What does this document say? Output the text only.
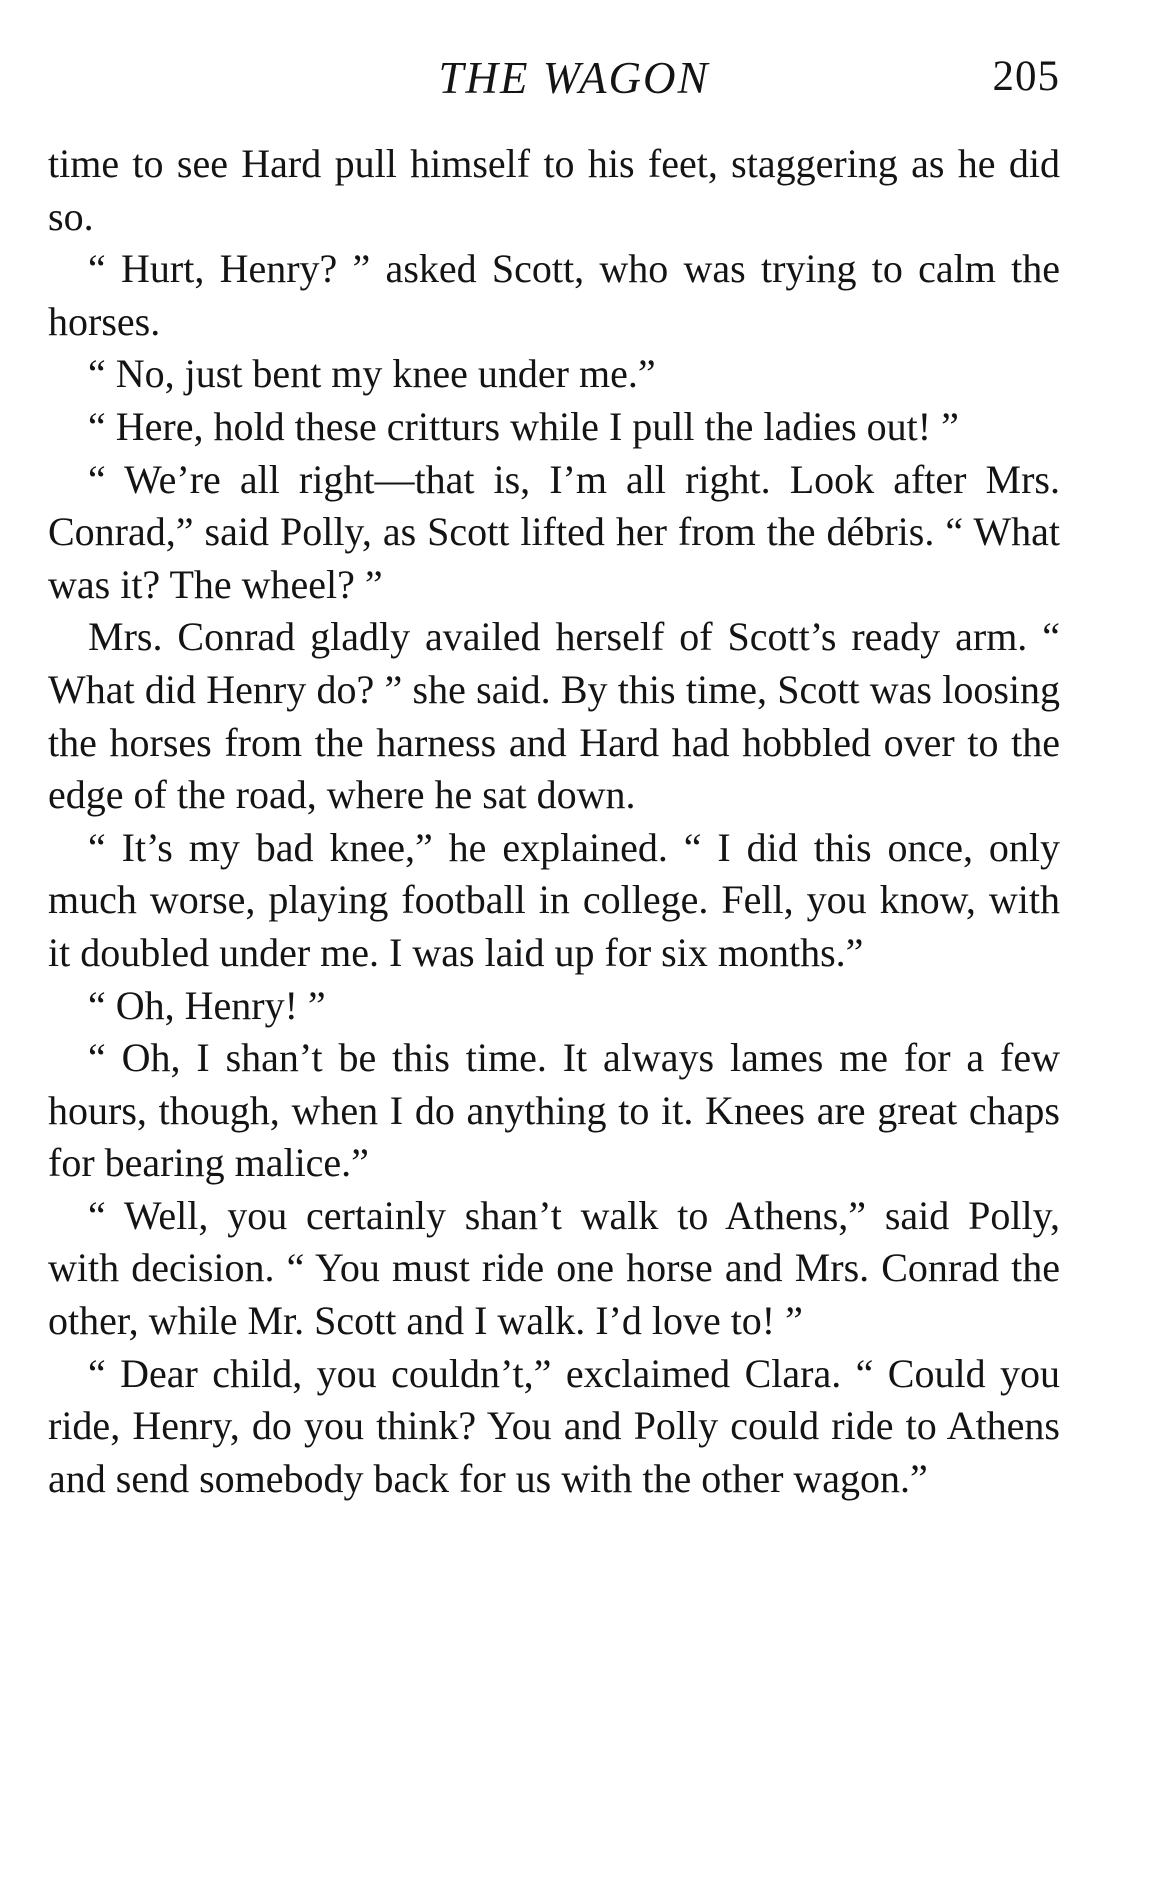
THE WAGON	205

time to see Hard pull himself to his feet, staggering as he did so.

“ Hurt, Henry? ” asked Scott, who was trying to calm the horses.

“ No, just bent my knee under me.”

“ Here, hold these critturs while I pull the ladies out! ”

“ We’re all right—that is, I’m all right. Look after Mrs. Conrad,” said Polly, as Scott lifted her from the débris. “ What was it? The wheel? ”

Mrs. Conrad gladly availed herself of Scott’s ready arm. “ What did Henry do? ” she said. By this time, Scott was loosing the horses from the harness and Hard had hobbled over to the edge of the road, where he sat down.

“ It’s my bad knee,” he explained. “ I did this once, only much worse, playing football in college. Fell, you know, with it doubled under me. I was laid up for six months.”

“ Oh, Henry! ”

“ Oh, I shan’t be this time. It always lames me for a few hours, though, when I do anything to it. Knees are great chaps for bearing malice.”

“ Well, you certainly shan’t walk to Athens,” said Polly, with decision. “ You must ride one horse and Mrs. Conrad the other, while Mr. Scott and I walk. I’d love to! ”

“ Dear child, you couldn’t,” exclaimed Clara. “ Could you ride, Henry, do you think? You and Polly could ride to Athens and send somebody back for us with the other wagon.”
